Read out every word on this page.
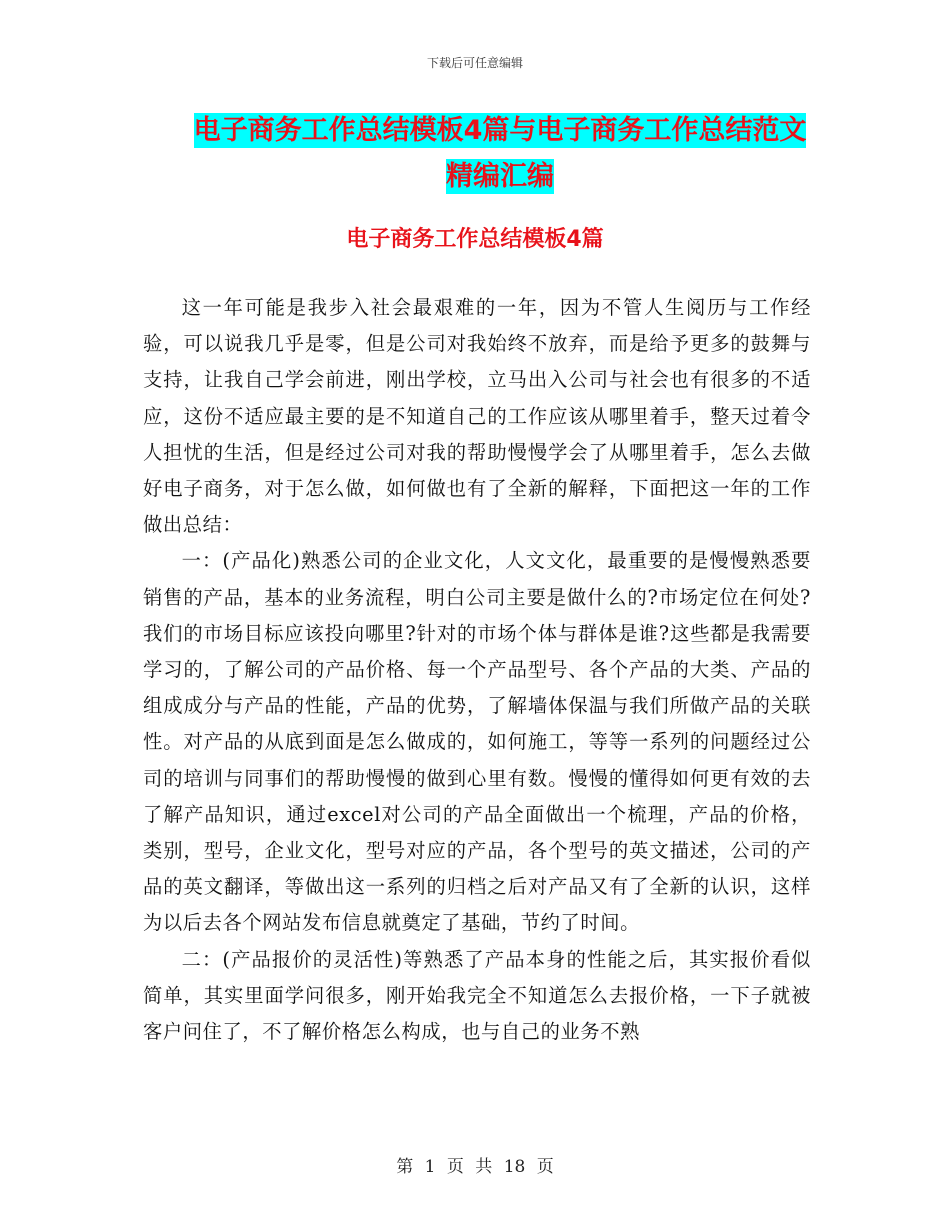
下载后可任意编辑
电子商务工作总结模板4篇与电子商务工作总结范文
精编汇编
电子商务工作总结模板4篇

这一年可能是我步入社会最艰难的一年，因为不管人生阅历与工作经验，可以说我几乎是零，但是公司对我始终不放弃，而是给予更多的鼓舞与支持，让我自己学会前进，刚出学校，立马出入公司与社会也有很多的不适应，这份不适应最主要的是不知道自己的工作应该从哪里着手，整天过着令人担忧的生活，但是经过公司对我的帮助慢慢学会了从哪里着手，怎么去做好电子商务，对于怎么做，如何做也有了全新的解释，下面把这一年的工作做出总结：

一：(产品化)熟悉公司的企业文化，人文文化，最重要的是慢慢熟悉要销售的产品，基本的业务流程，明白公司主要是做什么的?市场定位在何处?我们的市场目标应该投向哪里?针对的市场个体与群体是谁?这些都是我需要学习的，了解公司的产品价格、每一个产品型号、各个产品的大类、产品的组成成分与产品的性能，产品的优势，了解墙体保温与我们所做产品的关联性。对产品的从底到面是怎么做成的，如何施工，等等一系列的问题经过公司的培训与同事们的帮助慢慢的做到心里有数。慢慢的懂得如何更有效的去了解产品知识，通过excel对公司的产品全面做出一个梳理，产品的价格，类别，型号，企业文化，型号对应的产品，各个型号的英文描述，公司的产品的英文翻译，等做出这一系列的归档之后对产品又有了全新的认识，这样为以后去各个网站发布信息就奠定了基础，节约了时间。

二：(产品报价的灵活性)等熟悉了产品本身的性能之后，其实报价看似简单，其实里面学问很多，刚开始我完全不知道怎么去报价格，一下子就被客户问住了，不了解价格怎么构成，也与自己的业务不熟

第 1 页 共 18 页
